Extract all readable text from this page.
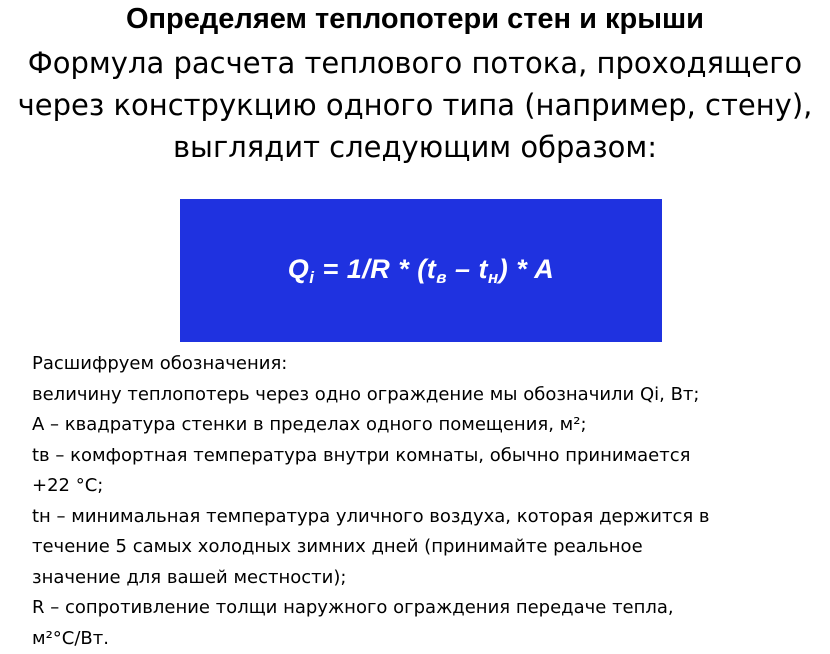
Определяем теплопотери стен и крыши
Формула расчета теплового потока, проходящего
через конструкцию одного типа (например, стену),
выглядит следующим образом:
$Q_i = 1/R * (t_в - t_н) * A$
Расшифруем обозначения:
величину теплопотерь через одно ограждение мы обозначили Qi, Вт;
А – квадратура стенки в пределах одного помещения, м²;
tв – комфортная температура внутри комнаты, обычно принимается
+22 °С;
tн – минимальная температура уличного воздуха, которая держится в
течение 5 самых холодных зимних дней (принимайте реальное
значение для вашей местности);
R – сопротивление толщи наружного ограждения передаче тепла,
м²°С/Вт.
